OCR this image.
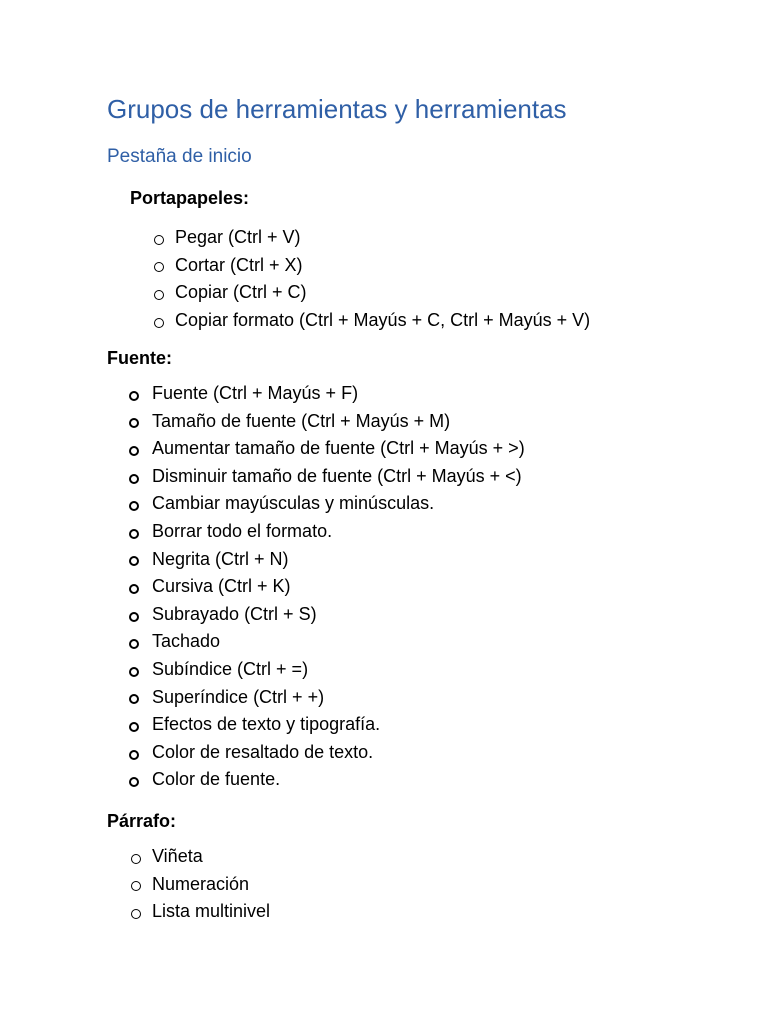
Grupos de herramientas y herramientas
Pestaña de inicio
Portapapeles:
Pegar (Ctrl + V)
Cortar (Ctrl + X)
Copiar (Ctrl + C)
Copiar formato (Ctrl + Mayús + C, Ctrl + Mayús + V)
Fuente:
Fuente (Ctrl + Mayús + F)
Tamaño de fuente (Ctrl + Mayús + M)
Aumentar tamaño de fuente (Ctrl + Mayús + >)
Disminuir tamaño de fuente (Ctrl + Mayús + <)
Cambiar mayúsculas y minúsculas.
Borrar todo el formato.
Negrita (Ctrl + N)
Cursiva (Ctrl + K)
Subrayado (Ctrl + S)
Tachado
Subíndice (Ctrl + =)
Superíndice (Ctrl + +)
Efectos de texto y tipografía.
Color de resaltado de texto.
Color de fuente.
Párrafo:
Viñeta
Numeración
Lista multinivel
